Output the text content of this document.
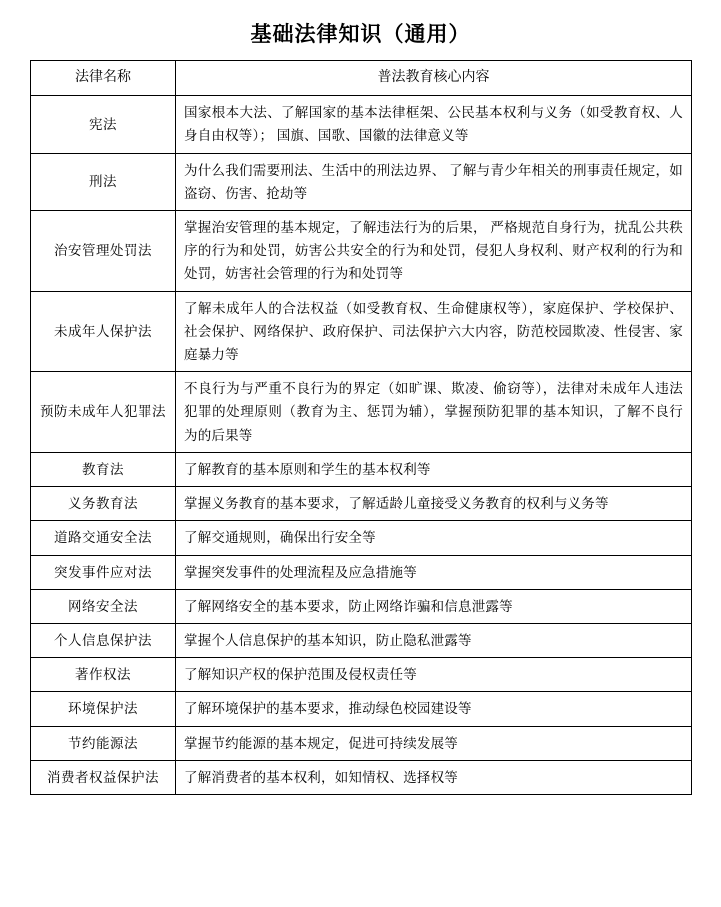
基础法律知识（通用）
法律名称	普法教育核心内容
宪法	国家根本大法、了解国家的基本法律框架、公民基本权利与义务（如受教育权、人身自由权等）； 国旗、国歌、国徽的法律意义等
刑法	为什么我们需要刑法、生活中的刑法边界、 了解与青少年相关的刑事责任规定，如盗窃、伤害、抢劫等
治安管理处罚法	掌握治安管理的基本规定，了解违法行为的后果， 严格规范自身行为，扰乱公共秩序的行为和处罚，妨害公共安全的行为和处罚，侵犯人身权利、财产权利的行为和处罚，妨害社会管理的行为和处罚等
未成年人保护法	了解未成年人的合法权益（如受教育权、生命健康权等），家庭保护、学校保护、社会保护、网络保护、政府保护、司法保护六大内容，防范校园欺凌、性侵害、家庭暴力等
预防未成年人犯罪法	不良行为与严重不良行为的界定（如旷课、欺凌、偷窃等），法律对未成年人违法犯罪的处理原则（教育为主、惩罚为辅），掌握预防犯罪的基本知识，了解不良行为的后果等
教育法	了解教育的基本原则和学生的基本权利等
义务教育法	掌握义务教育的基本要求，了解适龄儿童接受义务教育的权利与义务等
道路交通安全法	了解交通规则，确保出行安全等
突发事件应对法	掌握突发事件的处理流程及应急措施等
网络安全法	了解网络安全的基本要求，防止网络诈骗和信息泄露等
个人信息保护法	掌握个人信息保护的基本知识，防止隐私泄露等
著作权法	了解知识产权的保护范围及侵权责任等
环境保护法	了解环境保护的基本要求，推动绿色校园建设等
节约能源法	掌握节约能源的基本规定，促进可持续发展等
消费者权益保护法	了解消费者的基本权利，如知情权、选择权等
